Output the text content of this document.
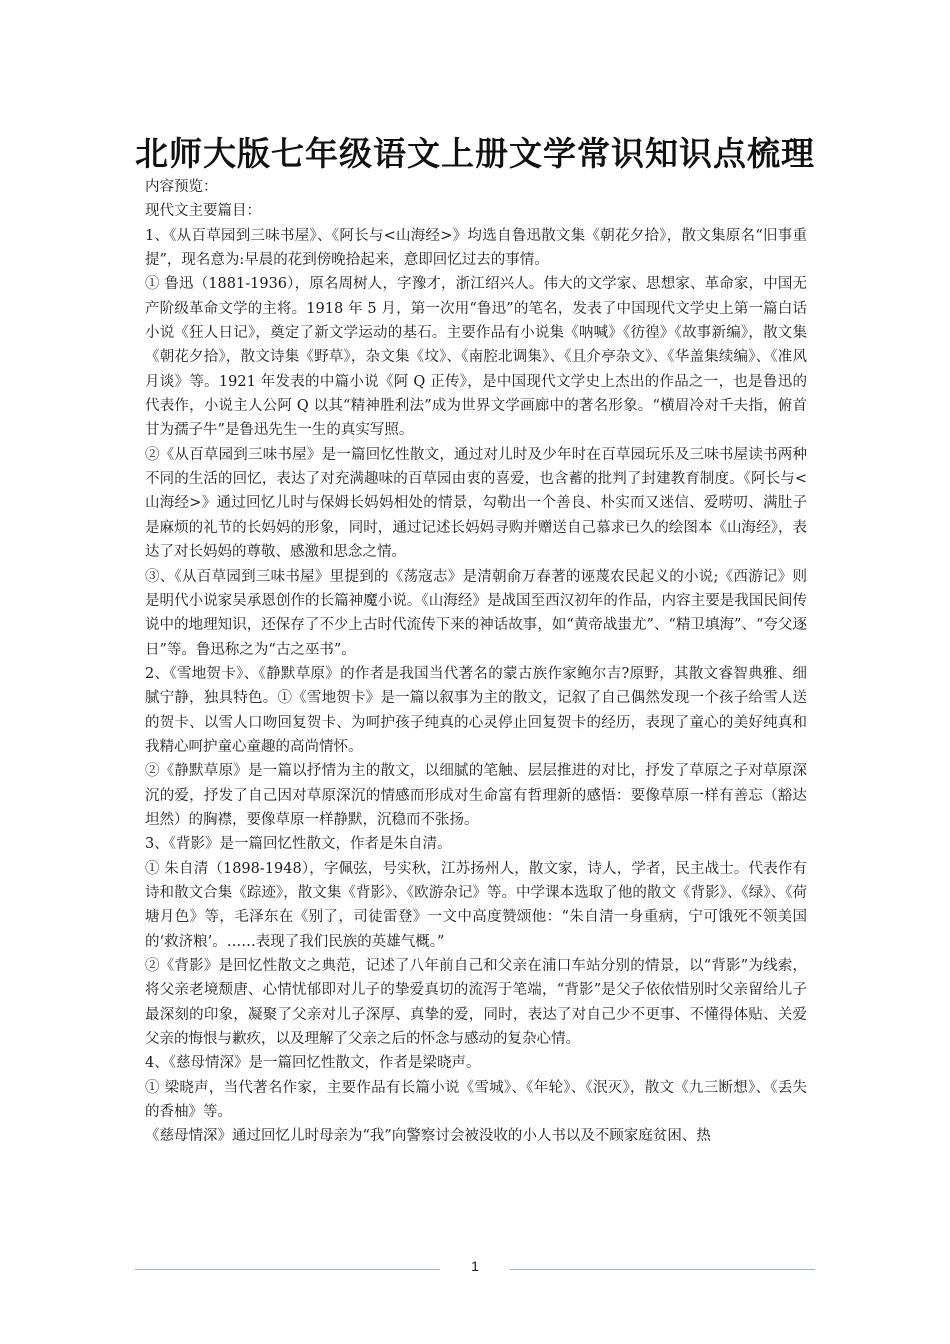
北师大版七年级语文上册文学常识知识点梳理

内容预览：

现代文主要篇目：

1、《从百草园到三味书屋》、《阿长与<山海经>》均选自鲁迅散文集《朝花夕拾》，散文集原名“旧事重提”，现名意为:早晨的花到傍晚拾起来，意即回忆过去的事情。

① 鲁迅（1881-1936），原名周树人，字豫才，浙江绍兴人。伟大的文学家、思想家、革命家，中国无产阶级革命文学的主将。1918 年 5 月，第一次用“鲁迅”的笔名，发表了中国现代文学史上第一篇白话小说《狂人日记》，奠定了新文学运动的基石。主要作品有小说集《呐喊》《彷徨》《故事新编》，散文集《朝花夕拾》，散文诗集《野草》，杂文集《坟》、《南腔北调集》、《且介亭杂文》、《华盖集续编》、《准风月谈》等。1921 年发表的中篇小说《阿 Q 正传》，是中国现代文学史上杰出的作品之一，也是鲁迅的代表作，小说主人公阿 Q 以其“精神胜利法”成为世界文学画廊中的著名形象。“横眉冷对千夫指，俯首甘为孺子牛”是鲁迅先生一生的真实写照。

②《从百草园到三味书屋》是一篇回忆性散文，通过对儿时及少年时在百草园玩乐及三味书屋读书两种不同的生活的回忆，表达了对充满趣味的百草园由衷的喜爱，也含蓄的批判了封建教育制度。《阿长与<山海经>》通过回忆儿时与保姆长妈妈相处的情景，勾勒出一个善良、朴实而又迷信、爱唠叨、满肚子是麻烦的礼节的长妈妈的形象，同时，通过记述长妈妈寻购并赠送自己慕求已久的绘图本《山海经》，表达了对长妈妈的尊敬、感激和思念之情。

③、《从百草园到三味书屋》里提到的《荡寇志》是清朝俞万春著的诬蔑农民起义的小说;《西游记》则是明代小说家吴承恩创作的长篇神魔小说。《山海经》是战国至西汉初年的作品，内容主要是我国民间传说中的地理知识，还保存了不少上古时代流传下来的神话故事，如“黄帝战蚩尤”、“精卫填海”、“夸父逐日”等。鲁迅称之为“古之巫书”。

2、《雪地贺卡》、《静默草原》的作者是我国当代著名的蒙古族作家鲍尔吉?原野，其散文睿智典雅、细腻宁静，独具特色。①《雪地贺卡》是一篇以叙事为主的散文，记叙了自己偶然发现一个孩子给雪人送的贺卡、以雪人口吻回复贺卡、为呵护孩子纯真的心灵停止回复贺卡的经历，表现了童心的美好纯真和我精心呵护童心童趣的高尚情怀。

②《静默草原》是一篇以抒情为主的散文，以细腻的笔触、层层推进的对比，抒发了草原之子对草原深沉的爱，抒发了自己因对草原深沉的情感而形成对生命富有哲理新的感悟：要像草原一样有善忘（豁达坦然）的胸襟，要像草原一样静默，沉稳而不张扬。

3、《背影》是一篇回忆性散文，作者是朱自清。

① 朱自清（1898-1948），字佩弦，号实秋，江苏扬州人，散文家，诗人，学者，民主战士。代表作有诗和散文合集《踪迹》，散文集《背影》、《欧游杂记》等。中学课本选取了他的散文《背影》、《绿》、《荷塘月色》等，毛泽东在《别了，司徒雷登》一文中高度赞颂他：“朱自清一身重病，宁可饿死不领美国的‘救济粮’。……表现了我们民族的英雄气概。”

②《背影》是回忆性散文之典范，记述了八年前自己和父亲在浦口车站分别的情景，以“背影”为线索，将父亲老境颓唐、心情忧郁即对儿子的挚爱真切的流泻于笔端，“背影”是父子依依惜别时父亲留给儿子最深刻的印象，凝聚了父亲对儿子深厚、真挚的爱，同时，表达了对自己少不更事、不懂得体贴、关爱父亲的悔恨与歉疚，以及理解了父亲之后的怀念与感动的复杂心情。

4、《慈母情深》是一篇回忆性散文，作者是梁晓声。

① 梁晓声，当代著名作家，主要作品有长篇小说《雪城》、《年轮》、《泯灭》，散文《九三断想》、《丢失的香柚》等。

《慈母情深》通过回忆儿时母亲为“我”向警察讨会被没收的小人书以及不顾家庭贫困、热

1
